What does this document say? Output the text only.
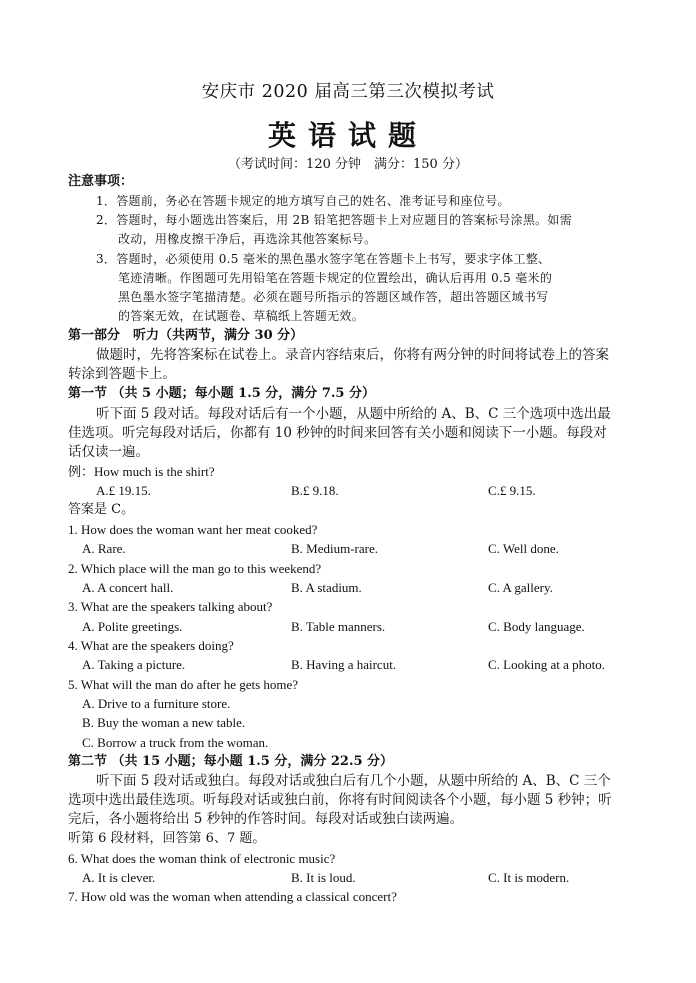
安庆市 2020 届高三第三次模拟考试
英语试题
（考试时间：120 分钟　满分：150 分）
注意事项：
1．答题前，务必在答题卡规定的地方填写自己的姓名、准考证号和座位号。
2．答题时，每小题选出答案后，用 2B 铅笔把答题卡上对应题目的答案标号涂黑。如需
改动，用橡皮擦干净后，再选涂其他答案标号。
3．答题时，必须使用 0.5 毫米的黑色墨水签字笔在答题卡上书写，要求字体工整、
笔迹清晰。作图题可先用铅笔在答题卡规定的位置绘出，确认后再用 0.5 毫米的
黑色墨水签字笔描清楚。必须在题号所指示的答题区域作答，超出答题区域书写
的答案无效，在试题卷、草稿纸上答题无效。
第一部分　听力（共两节，满分 30 分）
做题时，先将答案标在试卷上。录音内容结束后，你将有两分钟的时间将试卷上的答案
转涂到答题卡上。
第一节 （共 5 小题；每小题 1.5 分，满分 7.5 分）
听下面 5 段对话。每段对话后有一个小题，从题中所给的 A、B、C 三个选项中选出最
佳选项。听完每段对话后，你都有 10 秒钟的时间来回答有关小题和阅读下一小题。每段对
话仅读一遍。
例：How much is the shirt?
A.£ 19.15.	B.£ 9.18.	C.£ 9.15.
答案是 C。
1. How does the woman want her meat cooked?
A. Rare.	B. Medium-rare.	C. Well done.
2. Which place will the man go to this weekend?
A. A concert hall.	B. A stadium.	C. A gallery.
3. What are the speakers talking about?
A. Polite greetings.	B. Table manners.	C. Body language.
4. What are the speakers doing?
A. Taking a picture.	B. Having a haircut.	C. Looking at a photo.
5. What will the man do after he gets home?
A. Drive to a furniture store.
B. Buy the woman a new table.
C. Borrow a truck from the woman.
第二节 （共 15 小题；每小题 1.5 分，满分 22.5 分）
听下面 5 段对话或独白。每段对话或独白后有几个小题，从题中所给的 A、B、C 三个
选项中选出最佳选项。听每段对话或独白前，你将有时间阅读各个小题，每小题 5 秒钟；听
完后，各小题将给出 5 秒钟的作答时间。每段对话或独白读两遍。
听第 6 段材料，回答第 6、7 题。
6. What does the woman think of electronic music?
A. It is clever.	B. It is loud.	C. It is modern.
7. How old was the woman when attending a classical concert?
